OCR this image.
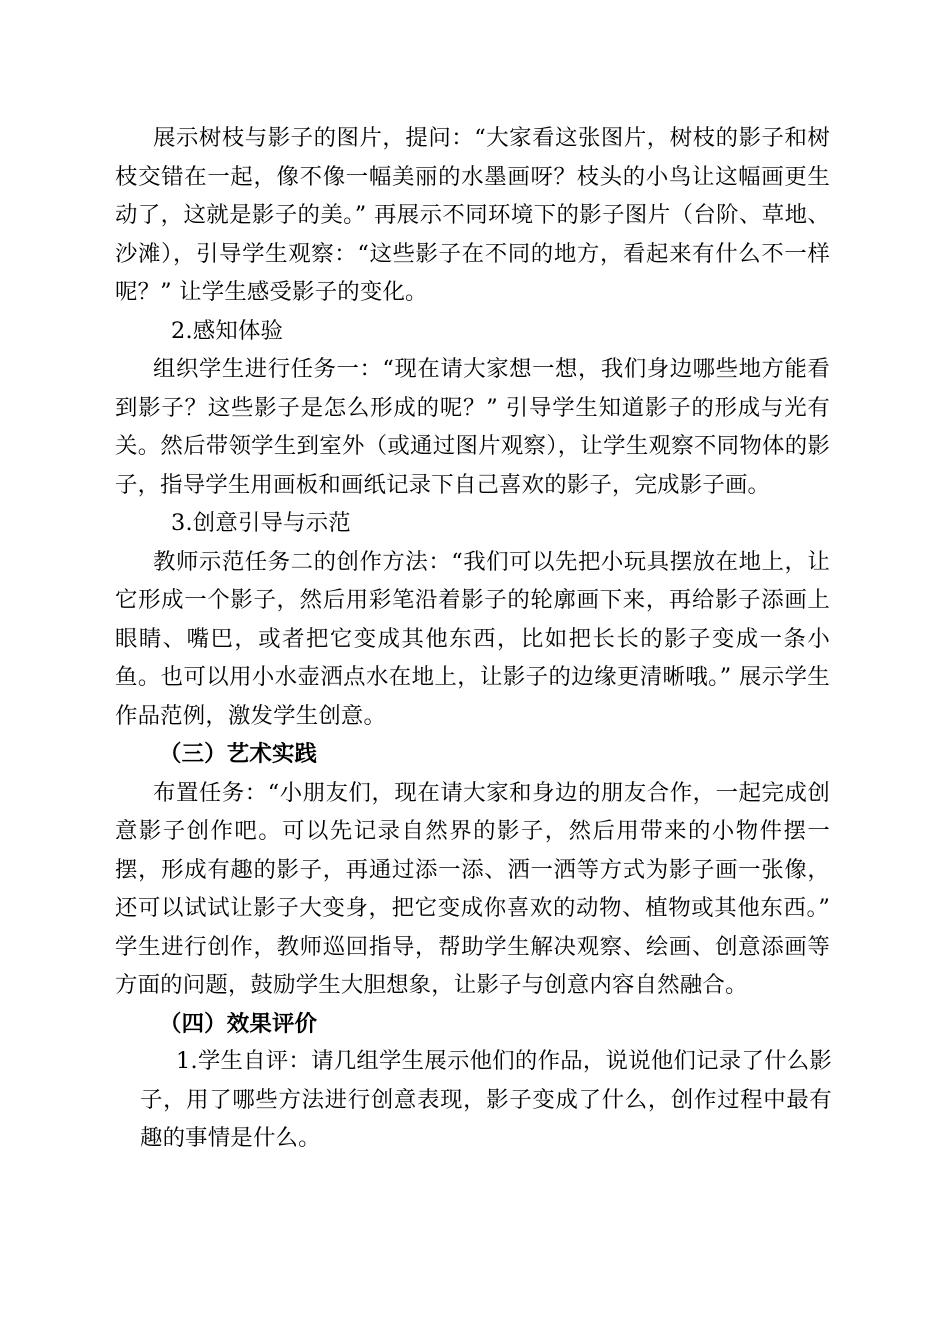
展示树枝与影子的图片，提问：“大家看这张图片，树枝的影子和树枝交错在一起，像不像一幅美丽的水墨画呀？枝头的小鸟让这幅画更生动了，这就是影子的美。” 再展示不同环境下的影子图片（台阶、草地、沙滩），引导学生观察：“这些影子在不同的地方，看起来有什么不一样呢？” 让学生感受影子的变化。

2.感知体验

组织学生进行任务一：“现在请大家想一想，我们身边哪些地方能看到影子？这些影子是怎么形成的呢？” 引导学生知道影子的形成与光有关。然后带领学生到室外（或通过图片观察），让学生观察不同物体的影子，指导学生用画板和画纸记录下自己喜欢的影子，完成影子画。

3.创意引导与示范

教师示范任务二的创作方法：“我们可以先把小玩具摆放在地上，让它形成一个影子，然后用彩笔沿着影子的轮廓画下来，再给影子添画上眼睛、嘴巴，或者把它变成其他东西，比如把长长的影子变成一条小鱼。也可以用小水壶洒点水在地上，让影子的边缘更清晰哦。” 展示学生作品范例，激发学生创意。

（三）艺术实践

布置任务：“小朋友们，现在请大家和身边的朋友合作，一起完成创意影子创作吧。可以先记录自然界的影子，然后用带来的小物件摆一摆，形成有趣的影子，再通过添一添、洒一洒等方式为影子画一张像，还可以试试让影子大变身，把它变成你喜欢的动物、植物或其他东西。” 学生进行创作，教师巡回指导，帮助学生解决观察、绘画、创意添画等方面的问题，鼓励学生大胆想象，让影子与创意内容自然融合。

（四）效果评价

1.学生自评：请几组学生展示他们的作品，说说他们记录了什么影子，用了哪些方法进行创意表现，影子变成了什么，创作过程中最有趣的事情是什么。
